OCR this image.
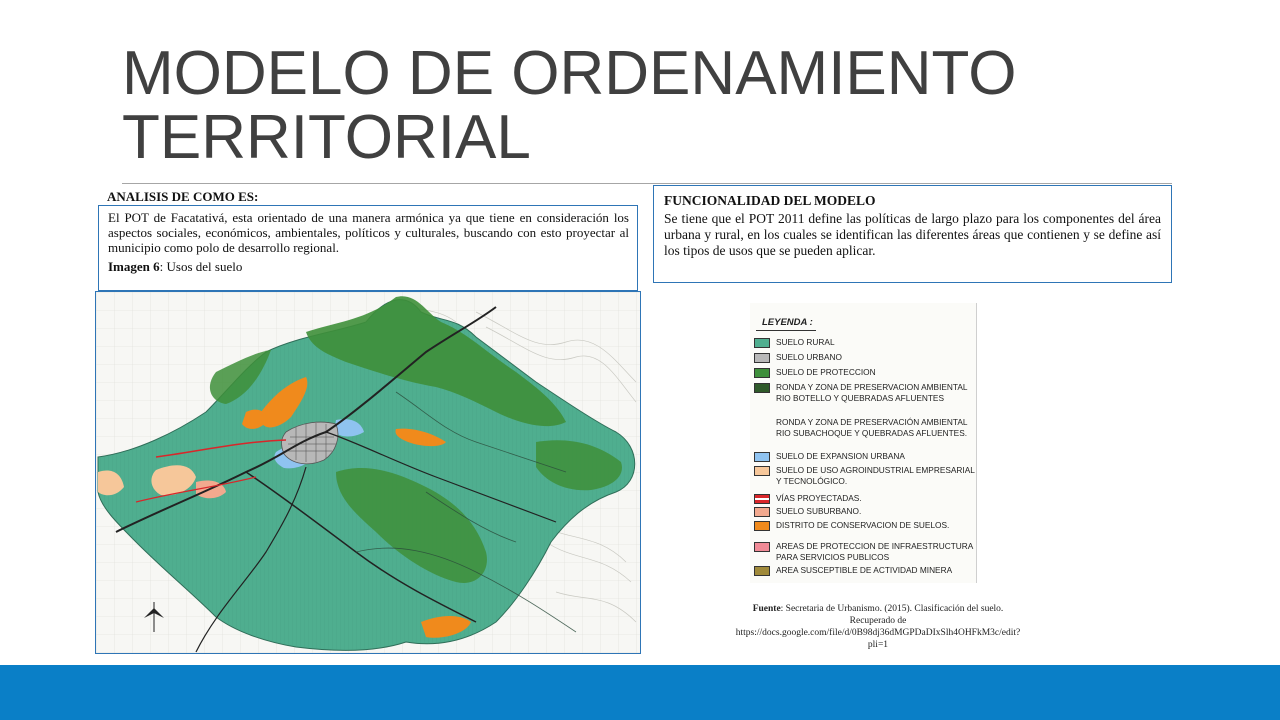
MODELO DE ORDENAMIENTO
TERRITORIAL
ANALISIS DE COMO ES:

El POT de Facatativá, esta orientado de una manera armónica ya que tiene en consideración los aspectos sociales, económicos, ambientales, políticos y culturales, buscando con esto proyectar al municipio como polo de desarrollo regional.

Imagen 6: Usos del suelo

FUNCIONALIDAD DEL MODELO

Se tiene que el POT 2011 define las políticas de largo plazo para los componentes del área urbana y rural, en los cuales se identifican las diferentes áreas que contienen y se define así los tipos de usos que se pueden aplicar.

LEYENDA :
SUELO RURAL
SUELO URBANO
SUELO DE PROTECCION
RONDA Y ZONA DE PRESERVACION AMBIENTAL RIO BOTELLO Y QUEBRADAS AFLUENTES
RONDA Y ZONA DE PRESERVACIÓN AMBIENTAL RIO SUBACHOQUE Y QUEBRADAS AFLUENTES.
SUELO DE EXPANSION URBANA
SUELO DE USO AGROINDUSTRIAL EMPRESARIAL Y TECNOLÓGICO.
VÍAS PROYECTADAS.
SUELO SUBURBANO.
DISTRITO DE CONSERVACION DE SUELOS.
AREAS DE PROTECCION DE INFRAESTRUCTURA PARA SERVICIOS PUBLICOS
AREA SUSCEPTIBLE DE ACTIVIDAD MINERA
Fuente: Secretaria de Urbanismo. (2015). Clasificación del suelo. Recuperado de https://docs.google.com/file/d/0B98dj36dMGPDaDIxSlh4OHFkM3c/edit?pli=1
